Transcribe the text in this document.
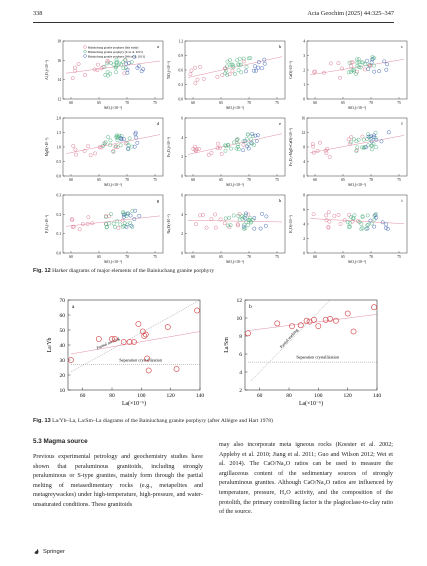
338	Acta Geochim (2025) 44:325–347
a
12
14
16
18
60	65	70	75
SiO₂(×10⁻²)
Al₂O₃(×10⁻²)
Bainiuchang granite porphyry (this study)
Bainiuchang granite porphyry (Li et al. 2015)
Bainiuchang granite porphyry (Wei et al. 2013)
b
0.0
0.3
0.6
0.9
1.2
60	65	70	75
SiO₂(×10⁻²)
TiO₂(×10⁻²)
c
0
1
2
3
4
60	65	70	75
SiO₂(×10⁻²)
CaO(×10⁻²)
d
0.0
0.5
1.0
1.5
2.0
60	65	70	75
SiO₂(×10⁻²)
MgO(×10⁻²)
e
0
2
4
6
60	65	70	75
SiO₂(×10⁻²)
Fe₂O₃(×10⁻²)
f
0
4
8
12
16
60	65	70	75
SiO₂(×10⁻²)
Fe₂O₃+MgO+CaO(×10⁻²)
g
0.0
0.1
0.2
0.3
60	65	70	75
SiO₂(×10⁻²)
P₂O₅(×10⁻²)
h
0
2
4
6
60	65	70	75
SiO₂(×10⁻²)
Na₂O(×10⁻²)
i
0
2
4
6
8
60	65	70	75
SiO₂(×10⁻²)
K₂O(×10⁻²)
Fig. 12 Harker diagrams of major elements of the Bainiuchang granite porphyry
a
10
20
30
40
50
60
70
60	80	100	120	140
La(×10⁻⁶)
La/Yb	Partial melting
Separation crystallization
b
2
4
6
8
10
12
60	80	100	120	140
La(×10⁻⁶)
La/Sm	Partial melting
Separation crystallization
Fig. 13 La/Yb–La, La/Sm–La diagrams of the Bainiuchang granite porphyry (after Allègre and Hart 1978)
5.3 Magma source
Previous experimental petrology and geochemistry studies have shown that peraluminous granitoids, including strongly peraluminous or S-type granites, mainly form through the partial melting of metasedimentary rocks (e.g., metapelites and metagreywackes) under high-temperature, high-pressure, and water-unsaturated conditions. These granitoids
may also incorporate meta igneous rocks (Koester et al. 2002; Appleby et al. 2010; Jiang et al. 2011; Guo and Wilson 2012; Wei et al. 2014). The CaO/Na₂O ratios can be used to measure the argillaceous content of the sedimentary sources of strongly peraluminous granites. Although CaO/Na₂O ratios are influenced by temperature, pressure, H₂O activity, and the composition of the protolith, the primary controlling factor is the plagioclase-to-clay ratio of the source.
Springer
